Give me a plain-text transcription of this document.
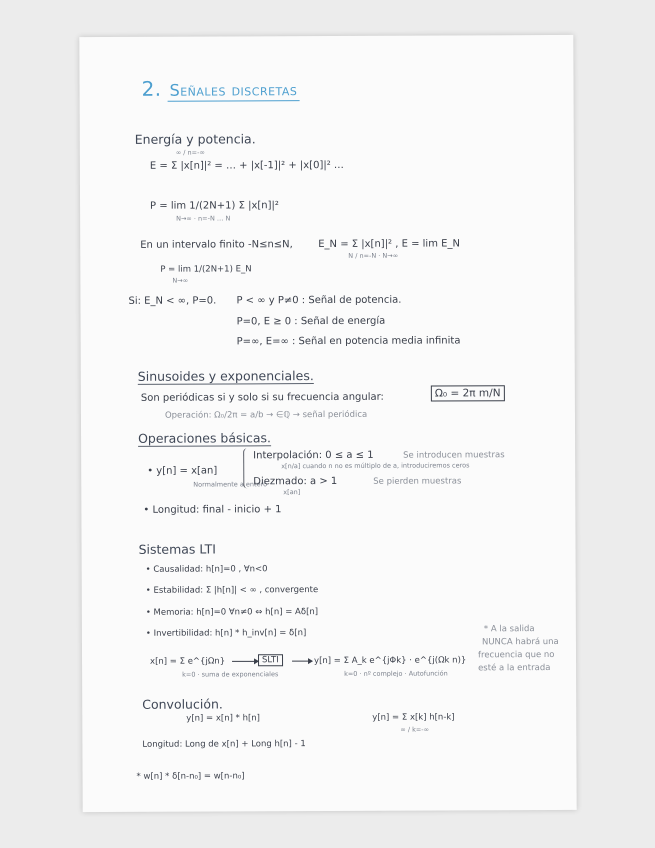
2. Señales discretas
Energía y potencia.
∞ / n=-∞
E = Σ |x[n]|² = … + |x[-1]|² + |x[0]|² …
P = lim 1/(2N+1) Σ |x[n]|²
N→∞ · n=-N … N
En un intervalo finito -N≤n≤N,	E_N = Σ |x[n]|² , E = lim E_N
N / n=-N · N→∞
P = lim 1/(2N+1) E_N
N→∞
Si: E_N < ∞, P=0. P < ∞ y P≠0 : Señal de potencia.
P=0, E ≥ 0 : Señal de energía
P=∞, E=∞ : Señal en potencia media infinita
Sinusoides y exponenciales.
Son periódicas si y solo si su frecuencia angular:	Ω₀ = 2π m/N
Operación: Ω₀/2π = a/b → ∈ℚ → señal periódica
Operaciones básicas.
• y[n] = x[an]
Normalmente a entero
Interpolación: 0 ≤ a ≤ 1	Se introducen muestras
x[n/a] cuando n no es múltiplo de a, introduciremos ceros
Diezmado: a > 1	Se pierden muestras
x[an]
• Longitud: final - inicio + 1
Sistemas LTI
• Causalidad: h[n]=0 , ∀n<0
• Estabilidad: Σ |h[n]| < ∞ , convergente
• Memoria: h[n]=0 ∀n≠0 ⇔ h[n] = Aδ[n]
• Invertibilidad: h[n] * h_inv[n] = δ[n]
x[n] = Σ e^{jΩn}
k=0 · suma de exponenciales
SLTI	y[n] = Σ A_k e^{jΦk} · e^{j(Ωk n)}
k=0 · nº complejo · Autofunción
* A la salida
NUNCA habrá una
frecuencia que no
esté a la entrada
Convolución.
y[n] = x[n] * h[n]	y[n] = Σ x[k] h[n-k]
∞ / k=-∞
Longitud: Long de x[n] + Long h[n] - 1
* w[n] * δ[n-n₀] = w[n-n₀]
